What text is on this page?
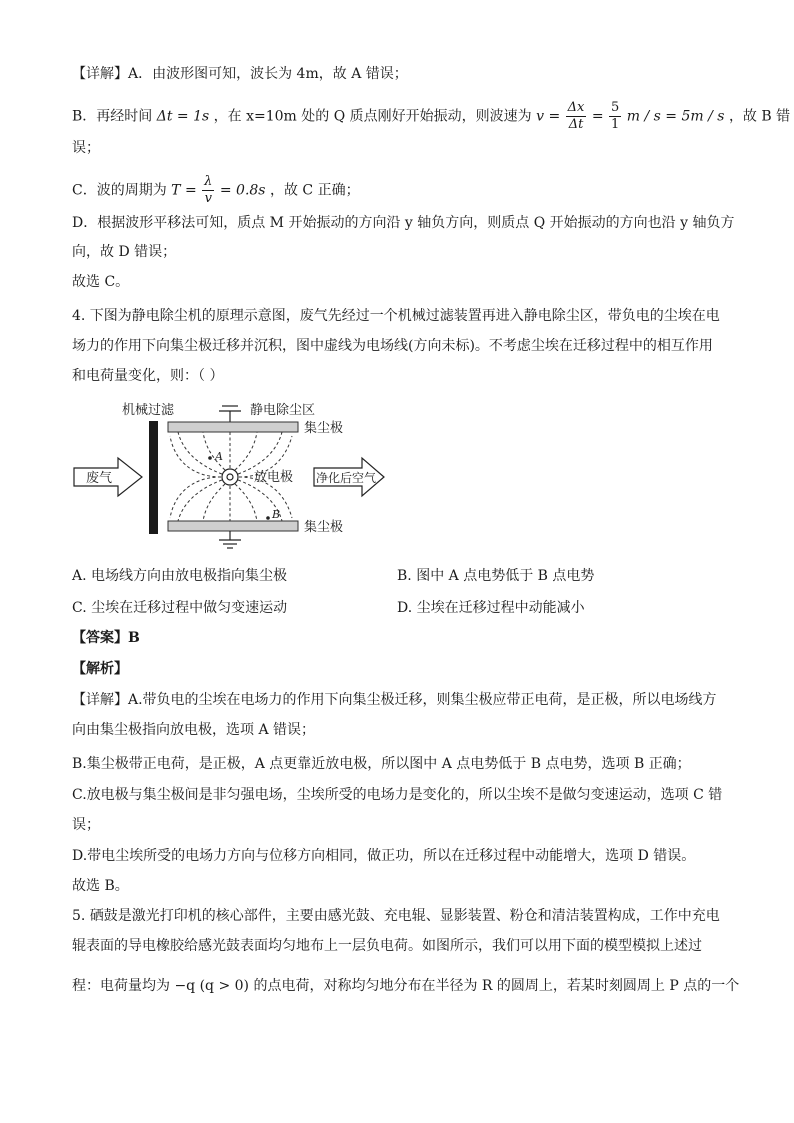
【详解】A．由波形图可知，波长为 4m，故 A 错误；
B．再经时间 Δt = 1s ，在 x=10m 处的 Q 质点刚好开始振动，则波速为 $v = \frac{\Delta x}{\Delta t} = \frac{5}{1}$ m / s = 5m / s ，故 B 错
误；
C．波的周期为 $T = \frac{\lambda}{v} = 0.8s$ ，故 C 正确；
D．根据波形平移法可知，质点 M 开始振动的方向沿 y 轴负方向，则质点 Q 开始振动的方向也沿 y 轴负方
向，故 D 错误；
故选 C。
4. 下图为静电除尘机的原理示意图，废气先经过一个机械过滤装置再进入静电除尘区，带负电的尘埃在电
场力的作用下向集尘极迁移并沉积，图中虚线为电场线(方向未标)。不考虑尘埃在迁移过程中的相互作用
和电荷量变化，则：（ ）
机械过滤	静电除尘区
集尘极
集尘极
放电极
A
B
废气	净化后空气
A. 电场线方向由放电极指向集尘极	B. 图中 A 点电势低于 B 点电势
C. 尘埃在迁移过程中做匀变速运动	D. 尘埃在迁移过程中动能减小
【答案】B
【解析】
【详解】A.带负电的尘埃在电场力的作用下向集尘极迁移，则集尘极应带正电荷，是正极，所以电场线方
向由集尘极指向放电极，选项 A 错误；
B.集尘极带正电荷，是正极，A 点更靠近放电极，所以图中 A 点电势低于 B 点电势，选项 B 正确；
C.放电极与集尘极间是非匀强电场，尘埃所受的电场力是变化的，所以尘埃不是做匀变速运动，选项 C 错
误；
D.带电尘埃所受的电场力方向与位移方向相同，做正功，所以在迁移过程中动能增大，选项 D 错误。
故选 B。
5. 硒鼓是激光打印机的核心部件，主要由感光鼓、充电辊、显影装置、粉仓和清洁装置构成，工作中充电
辊表面的导电橡胶给感光鼓表面均匀地布上一层负电荷。如图所示，我们可以用下面的模型模拟上述过
程：电荷量均为 −q (q > 0) 的点电荷，对称均匀地分布在半径为 R 的圆周上，若某时刻圆周上 P 点的一个
